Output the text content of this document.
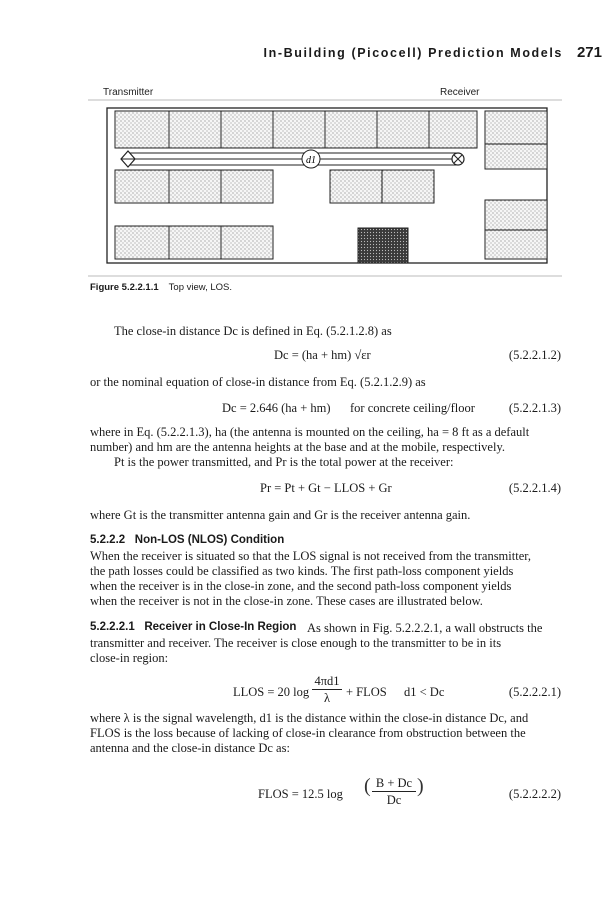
In-Building (Picocell) Prediction Models 271
Transmitter	Receiver
d1
Figure 5.2.2.1.1 Top view, LOS.
The close-in distance Dc is defined in Eq. (5.2.1.2.8) as
Dc = (ha + hm) √εr	(5.2.2.1.2)
or the nominal equation of close-in distance from Eq. (5.2.1.2.9) as
Dc = 2.646 (ha + hm) for concrete ceiling/floor	(5.2.2.1.3)
where in Eq. (5.2.2.1.3), ha (the antenna is mounted on the ceiling, ha = 8 ft as a default
number) and hm are the antenna heights at the base and at the mobile, respectively.
Pt is the power transmitted, and Pr is the total power at the receiver:
Pr = Pt + Gt − LLOS + Gr	(5.2.2.1.4)
where Gt is the transmitter antenna gain and Gr is the receiver antenna gain.
5.2.2.2 Non-LOS (NLOS) Condition
When the receiver is situated so that the LOS signal is not received from the transmitter,
the path losses could be classified as two kinds. The first path-loss component yields
when the receiver is in the close-in zone, and the second path-loss component yields
when the receiver is not in the close-in zone. These cases are illustrated below.
5.2.2.2.1 Receiver in Close-In Region As shown in Fig. 5.2.2.2.1, a wall obstructs the
transmitter and receiver. The receiver is close enough to the transmitter to be in its
close-in region:
LLOS = 20 log
4πd1
λ	+ FLOS d1 < Dc	(5.2.2.2.1)
where λ is the signal wavelength, d1 is the distance within the close-in distance Dc, and
FLOS is the loss because of lacking of close-in clearance from obstruction between the
antenna and the close-in distance Dc as:
FLOS = 12.5 log ( B + Dc
Dc
)	(5.2.2.2.2)
